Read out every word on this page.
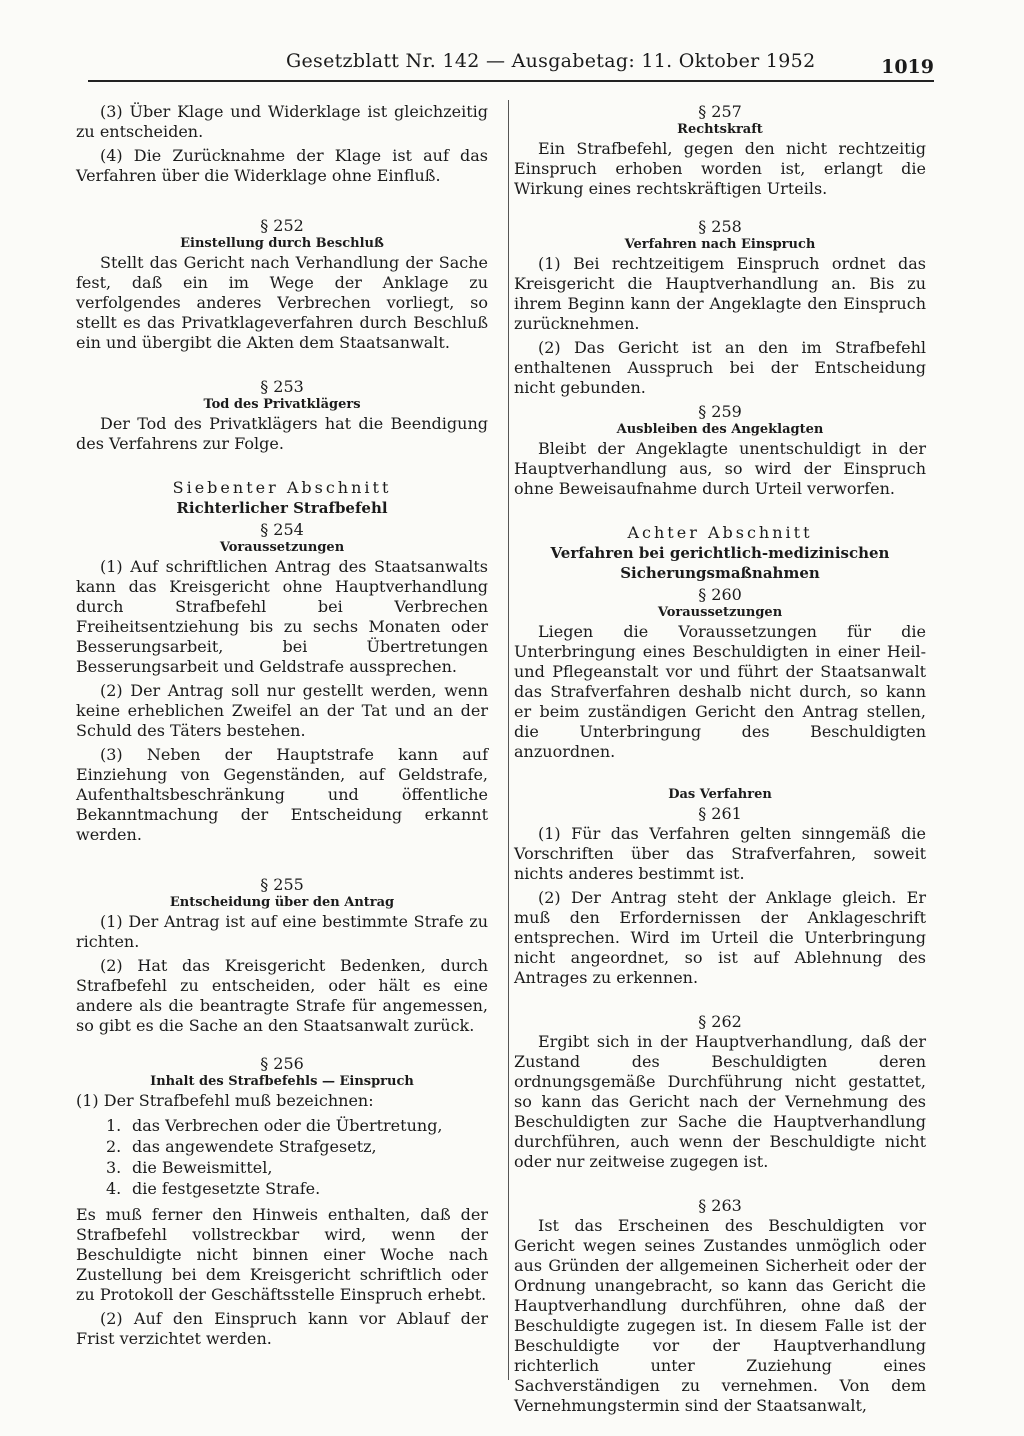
Gesetzblatt Nr. 142 — Ausgabetag: 11. Oktober 1952	1019

(3) Über Klage und Widerklage ist gleichzeitig zu entscheiden.

(4) Die Zurücknahme der Klage ist auf das Verfahren über die Widerklage ohne Einfluß.

§ 252
Einstellung durch Beschluß

Stellt das Gericht nach Verhandlung der Sache fest, daß ein im Wege der Anklage zu verfolgendes anderes Verbrechen vorliegt, so stellt es das Privatklageverfahren durch Beschluß ein und übergibt die Akten dem Staatsanwalt.

§ 253
Tod des Privatklägers

Der Tod des Privatklägers hat die Beendigung des Verfahrens zur Folge.

Siebenter Abschnitt
Richterlicher Strafbefehl
§ 254
Voraussetzungen

(1) Auf schriftlichen Antrag des Staatsanwalts kann das Kreisgericht ohne Hauptverhandlung durch Strafbefehl bei Verbrechen Freiheitsentziehung bis zu sechs Monaten oder Besserungsarbeit, bei Übertretungen Besserungsarbeit und Geldstrafe aussprechen.

(2) Der Antrag soll nur gestellt werden, wenn keine erheblichen Zweifel an der Tat und an der Schuld des Täters bestehen.

(3) Neben der Hauptstrafe kann auf Einziehung von Gegenständen, auf Geldstrafe, Aufenthaltsbeschränkung und öffentliche Bekanntmachung der Entscheidung erkannt werden.

§ 255
Entscheidung über den Antrag

(1) Der Antrag ist auf eine bestimmte Strafe zu richten.

(2) Hat das Kreisgericht Bedenken, durch Strafbefehl zu entscheiden, oder hält es eine andere als die beantragte Strafe für angemessen, so gibt es die Sache an den Staatsanwalt zurück.

§ 256
Inhalt des Strafbefehls — Einspruch

(1) Der Strafbefehl muß bezeichnen:

1. das Verbrechen oder die Übertretung,
2. das angewendete Strafgesetz,
3. die Beweismittel,
4. die festgesetzte Strafe.

Es muß ferner den Hinweis enthalten, daß der Strafbefehl vollstreckbar wird, wenn der Beschuldigte nicht binnen einer Woche nach Zustellung bei dem Kreisgericht schriftlich oder zu Protokoll der Geschäftsstelle Einspruch erhebt.

(2) Auf den Einspruch kann vor Ablauf der Frist verzichtet werden.

§ 257
Rechtskraft

Ein Strafbefehl, gegen den nicht rechtzeitig Einspruch erhoben worden ist, erlangt die Wirkung eines rechtskräftigen Urteils.

§ 258
Verfahren nach Einspruch

(1) Bei rechtzeitigem Einspruch ordnet das Kreisgericht die Hauptverhandlung an. Bis zu ihrem Beginn kann der Angeklagte den Einspruch zurücknehmen.

(2) Das Gericht ist an den im Strafbefehl enthaltenen Ausspruch bei der Entscheidung nicht gebunden.

§ 259
Ausbleiben des Angeklagten

Bleibt der Angeklagte unentschuldigt in der Hauptverhandlung aus, so wird der Einspruch ohne Beweisaufnahme durch Urteil verworfen.

Achter Abschnitt
Verfahren bei gerichtlich-medizinischen Sicherungsmaßnahmen
§ 260
Voraussetzungen

Liegen die Voraussetzungen für die Unterbringung eines Beschuldigten in einer Heil- und Pflegeanstalt vor und führt der Staatsanwalt das Strafverfahren deshalb nicht durch, so kann er beim zuständigen Gericht den Antrag stellen, die Unterbringung des Beschuldigten anzuordnen.

Das Verfahren
§ 261

(1) Für das Verfahren gelten sinngemäß die Vorschriften über das Strafverfahren, soweit nichts anderes bestimmt ist.

(2) Der Antrag steht der Anklage gleich. Er muß den Erfordernissen der Anklageschrift entsprechen. Wird im Urteil die Unterbringung nicht angeordnet, so ist auf Ablehnung des Antrages zu erkennen.

§ 262

Ergibt sich in der Hauptverhandlung, daß der Zustand des Beschuldigten deren ordnungsgemäße Durchführung nicht gestattet, so kann das Gericht nach der Vernehmung des Beschuldigten zur Sache die Hauptverhandlung durchführen, auch wenn der Beschuldigte nicht oder nur zeitweise zugegen ist.

§ 263

Ist das Erscheinen des Beschuldigten vor Gericht wegen seines Zustandes unmöglich oder aus Gründen der allgemeinen Sicherheit oder der Ordnung unangebracht, so kann das Gericht die Hauptverhandlung durchführen, ohne daß der Beschuldigte zugegen ist. In diesem Falle ist der Beschuldigte vor der Hauptverhandlung richterlich unter Zuziehung eines Sachverständigen zu vernehmen. Von dem Vernehmungstermin sind der Staatsanwalt,
